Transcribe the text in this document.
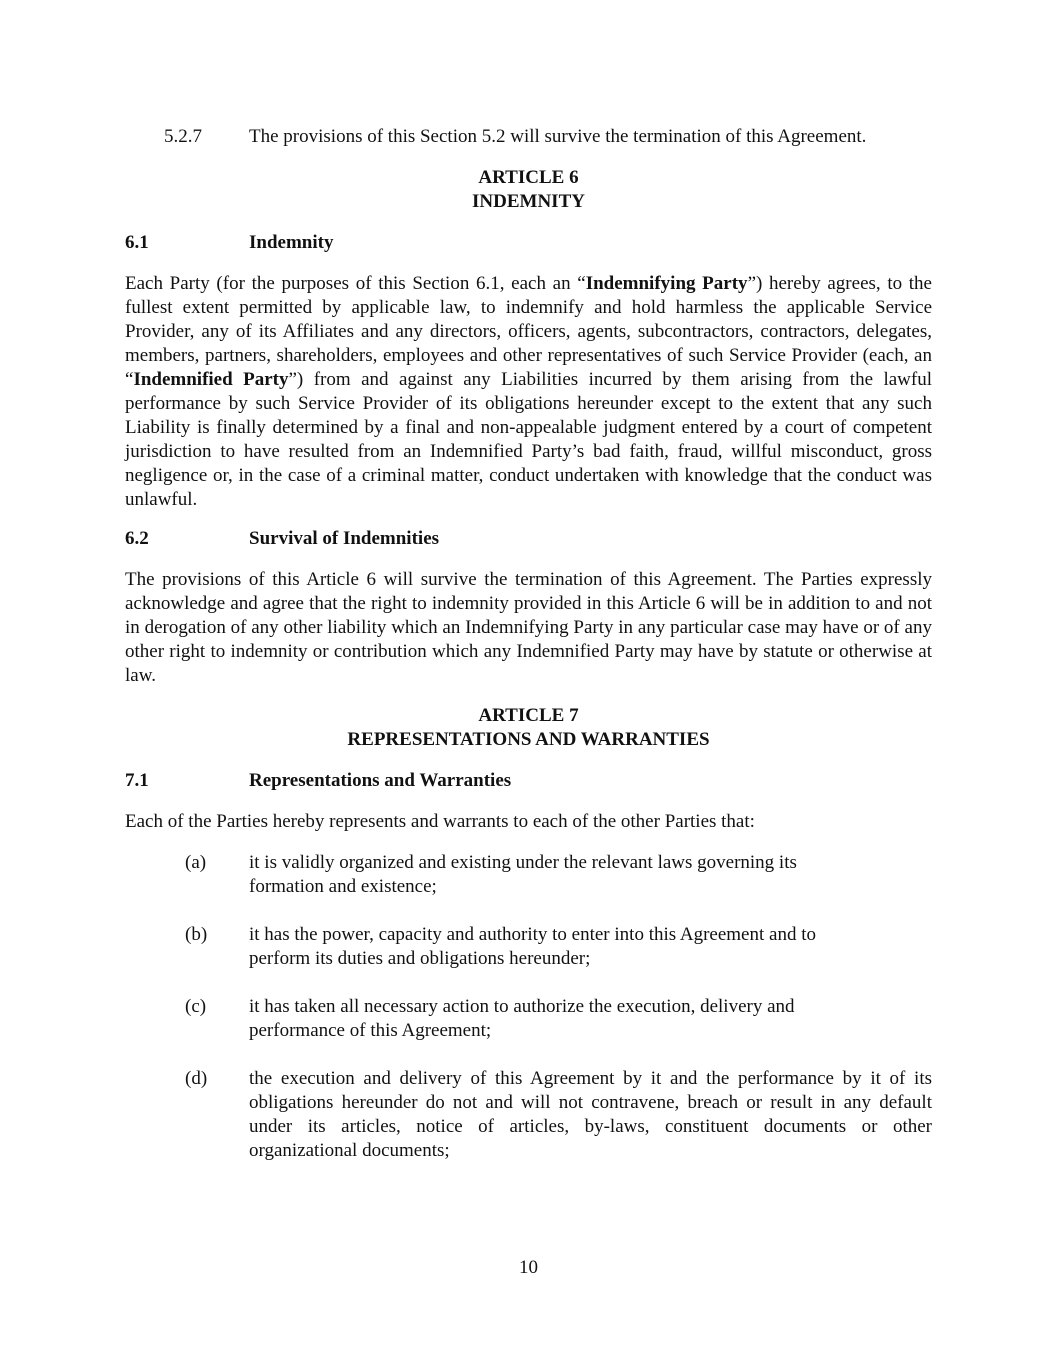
5.2.7 The provisions of this Section 5.2 will survive the termination of this Agreement.
ARTICLE 6
INDEMNITY
6.1	Indemnity

Each Party (for the purposes of this Section 6.1, each an “Indemnifying Party”) hereby agrees, to the fullest extent permitted by applicable law, to indemnify and hold harmless the applicable Service Provider, any of its Affiliates and any directors, officers, agents, subcontractors, contractors, delegates, members, partners, shareholders, employees and other representatives of such Service Provider (each, an “Indemnified Party”) from and against any Liabilities incurred by them arising from the lawful performance by such Service Provider of its obligations hereunder except to the extent that any such Liability is finally determined by a final and non-appealable judgment entered by a court of competent jurisdiction to have resulted from an Indemnified Party’s bad faith, fraud, willful misconduct, gross negligence or, in the case of a criminal matter, conduct undertaken with knowledge that the conduct was unlawful.

6.2	Survival of Indemnities

The provisions of this Article 6 will survive the termination of this Agreement. The Parties expressly acknowledge and agree that the right to indemnity provided in this Article 6 will be in addition to and not in derogation of any other liability which an Indemnifying Party in any particular case may have or of any other right to indemnity or contribution which any Indemnified Party may have by statute or otherwise at law.

ARTICLE 7
REPRESENTATIONS AND WARRANTIES
7.1	Representations and Warranties

Each of the Parties hereby represents and warrants to each of the other Parties that:

(a) it is validly organized and existing under the relevant laws governing its formation and existence;
(b) it has the power, capacity and authority to enter into this Agreement and to perform its duties and obligations hereunder;
(c) it has taken all necessary action to authorize the execution, delivery and performance of this Agreement;
(d) the execution and delivery of this Agreement by it and the performance by it of its obligations hereunder do not and will not contravene, breach or result in any default under its articles, notice of articles, by-laws, constituent documents or other organizational documents;
10
